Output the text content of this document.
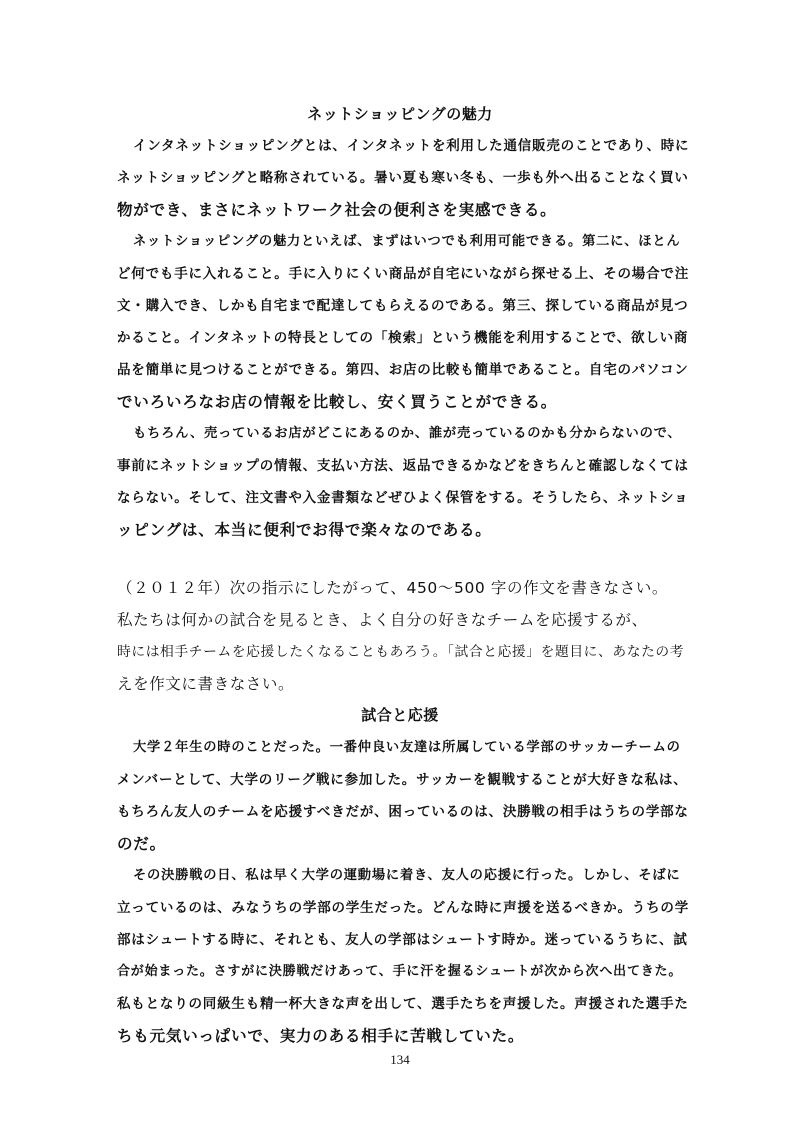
ネットショッピングの魅力
インタネットショッピングとは、インタネットを利用した通信販売のことであり、時に
ネットショッピングと略称されている。暑い夏も寒い冬も、一歩も外へ出ることなく買い
物ができ、まさにネットワーク社会の便利さを実感できる。
ネットショッピングの魅力といえば、まずはいつでも利用可能できる。第二に、ほとん
ど何でも手に入れること。手に入りにくい商品が自宅にいながら探せる上、その場合で注
文・購入でき、しかも自宅まで配達してもらえるのである。第三、探している商品が見つ
かること。インタネットの特長としての「検索」という機能を利用することで、欲しい商
品を簡単に見つけることができる。第四、お店の比較も簡単であること。自宅のパソコン
でいろいろなお店の情報を比較し、安く買うことができる。
もちろん、売っているお店がどこにあるのか、誰が売っているのかも分からないので、
事前にネットショップの情報、支払い方法、返品できるかなどをきちんと確認しなくては
ならない。そして、注文書や入金書類などぜひよく保管をする。そうしたら、ネットショ
ッピングは、本当に便利でお得で楽々なのである。
（２０１２年）次の指示にしたがって、450～500 字の作文を書きなさい。
私たちは何かの試合を見るとき、よく自分の好きなチームを応援するが、
時には相手チームを応援したくなることもあろう。「試合と応援」を題目に、あなたの考
えを作文に書きなさい。
試合と応援
大学２年生の時のことだった。一番仲良い友達は所属している学部のサッカーチームの
メンバーとして、大学のリーグ戦に参加した。サッカーを観戦することが大好きな私は、
もちろん友人のチームを応援すべきだが、困っているのは、決勝戦の相手はうちの学部な
のだ。
その決勝戦の日、私は早く大学の運動場に着き、友人の応援に行った。しかし、そばに
立っているのは、みなうちの学部の学生だった。どんな時に声援を送るべきか。うちの学
部はシュートする時に、それとも、友人の学部はシュートす時か。迷っているうちに、試
合が始まった。さすがに決勝戦だけあって、手に汗を握るシュートが次から次へ出てきた。
私もとなりの同級生も精一杯大きな声を出して、選手たちを声援した。声援された選手た
ちも元気いっぱいで、実力のある相手に苦戦していた。
134
